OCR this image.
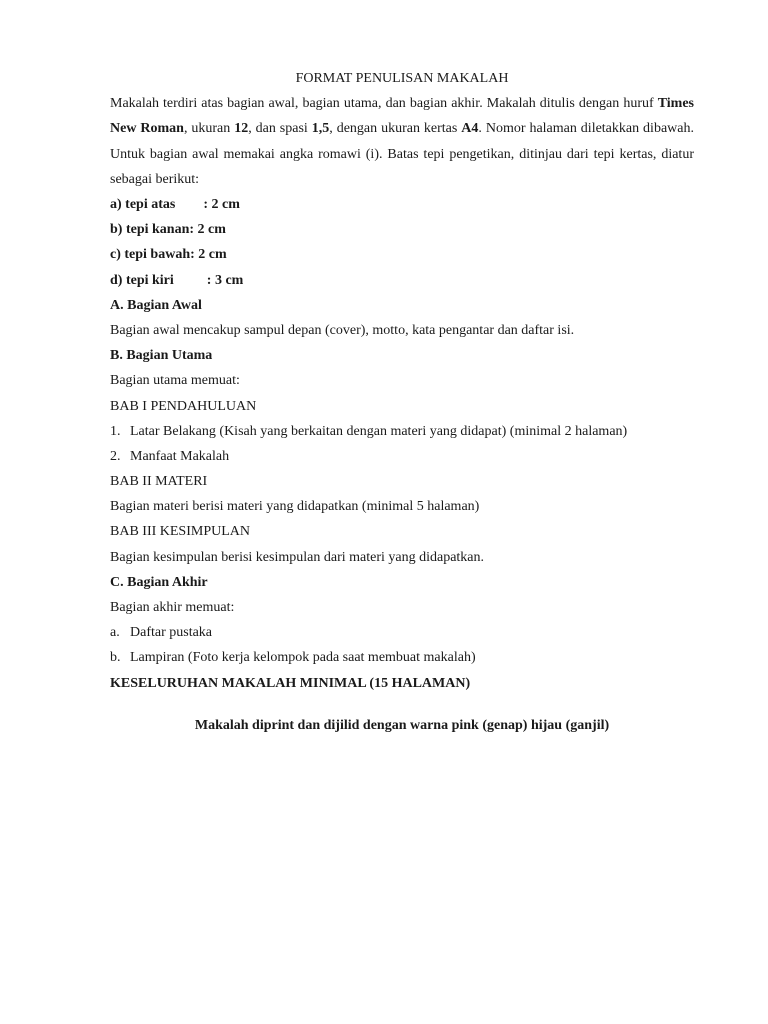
FORMAT PENULISAN MAKALAH
Makalah terdiri atas bagian awal, bagian utama, dan bagian akhir. Makalah ditulis dengan huruf Times New Roman, ukuran 12, dan spasi 1,5, dengan ukuran kertas A4. Nomor halaman diletakkan dibawah. Untuk bagian awal memakai angka romawi (i). Batas tepi pengetikan, ditinjau dari tepi kertas, diatur sebagai berikut:
a) tepi atas : 2 cm
b) tepi kanan: 2 cm
c) tepi bawah: 2 cm
d) tepi kiri : 3 cm
A. Bagian Awal
Bagian awal mencakup sampul depan (cover), motto, kata pengantar dan daftar isi.
B. Bagian Utama
Bagian utama memuat:
BAB I PENDAHULUAN
1. Latar Belakang (Kisah yang berkaitan dengan materi yang didapat) (minimal 2 halaman)
2. Manfaat Makalah
BAB II MATERI
Bagian materi berisi materi yang didapatkan (minimal 5 halaman)
BAB III KESIMPULAN
Bagian kesimpulan berisi kesimpulan dari materi yang didapatkan.
C. Bagian Akhir
Bagian akhir memuat:
a. Daftar pustaka
b. Lampiran (Foto kerja kelompok pada saat membuat makalah)
KESELURUHAN MAKALAH MINIMAL (15 HALAMAN)
Makalah diprint dan dijilid dengan warna pink (genap) hijau (ganjil)
